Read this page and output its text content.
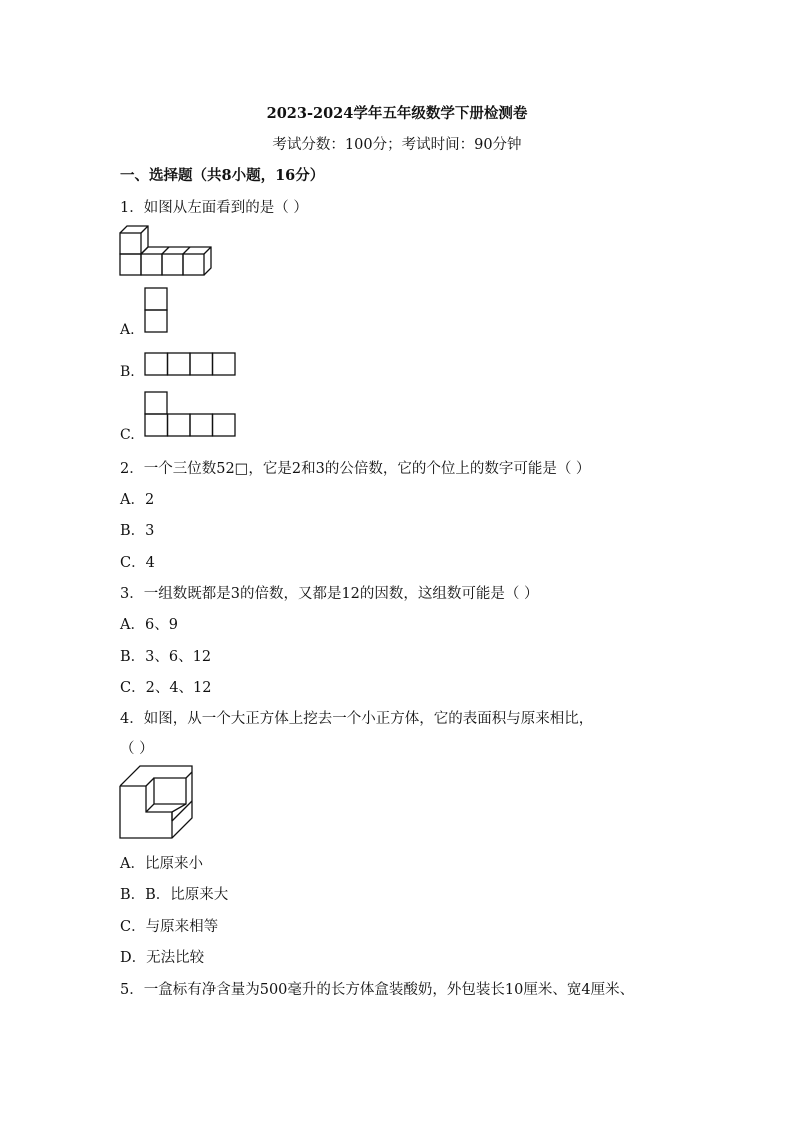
2023-2024学年五年级数学下册检测卷
考试分数：100分；考试时间：90分钟
一、选择题（共8小题，16分）
1．如图从左面看到的是（ ）
A.
B.
C.
2．一个三位数52□，它是2和3的公倍数，它的个位上的数字可能是（ ）
A．2
B．3
C．4
3．一组数既都是3的倍数，又都是12的因数，这组数可能是（ ）
A．6、9
B．3、6、12
C．2、4、12
4．如图，从一个大正方体上挖去一个小正方体，它的表面积与原来相比，
（ ）
A．比原来小
B．B．比原来大
C．与原来相等
D．无法比较
5．一盒标有净含量为500毫升的长方体盒装酸奶，外包装长10厘米、宽4厘米、
